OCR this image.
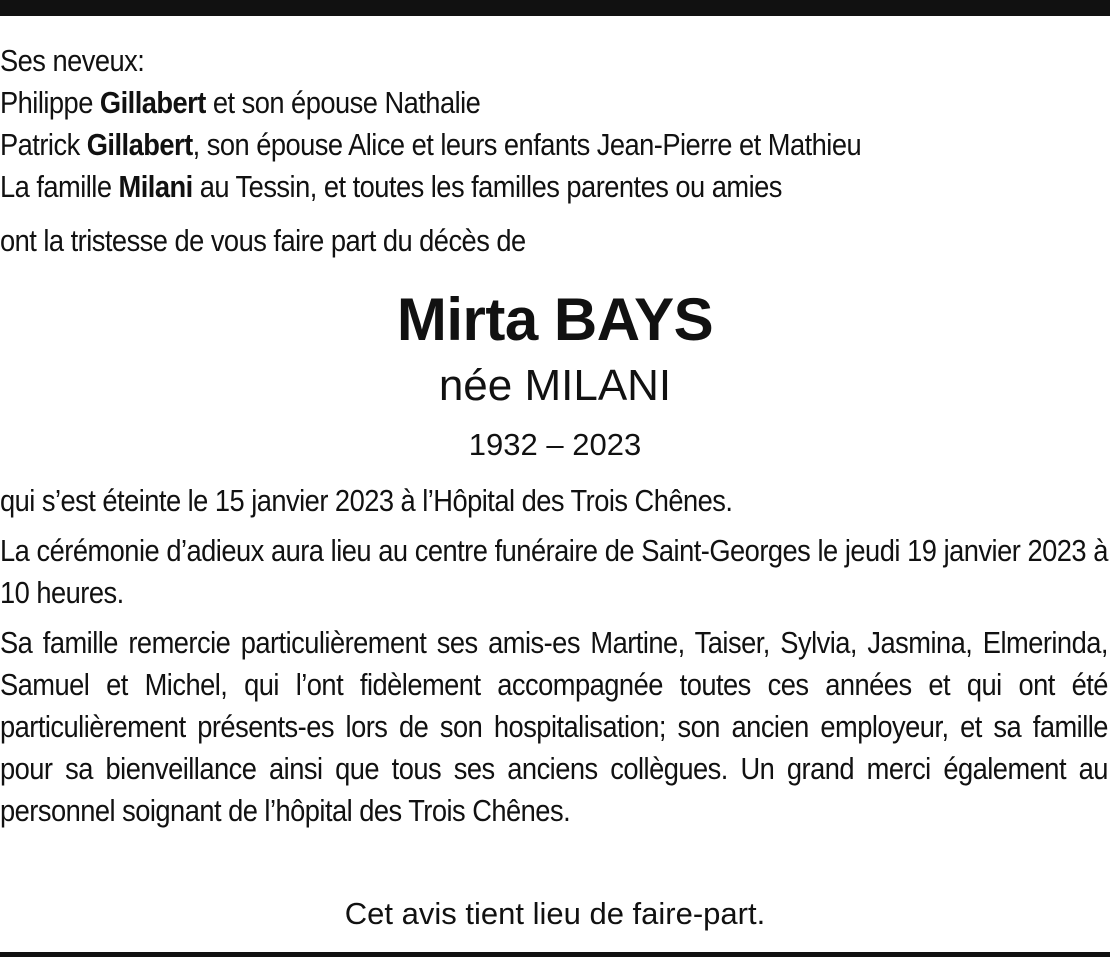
Ses neveux:
Philippe Gillabert et son épouse Nathalie
Patrick Gillabert, son épouse Alice et leurs enfants Jean-Pierre et Mathieu
La famille Milani au Tessin, et toutes les familles parentes ou amies
ont la tristesse de vous faire part du décès de
Mirta BAYS
née MILANI
1932 – 2023
qui s’est éteinte le 15 janvier 2023 à l’Hôpital des Trois Chênes.
La cérémonie d’adieux aura lieu au centre funéraire de Saint-Georges le jeudi 19 janvier 2023 à 10 heures.
Sa famille remercie particulièrement ses amis-es Martine, Taiser, Sylvia, Jasmina, Elmerinda, Samuel et Michel, qui l’ont fidèlement accompagnée toutes ces années et qui ont été particulièrement présents-es lors de son hospitalisation; son ancien employeur, et sa famille pour sa bienveillance ainsi que tous ses anciens collègues. Un grand merci également au personnel soignant de l’hôpital des Trois Chênes.
Cet avis tient lieu de faire-part.
